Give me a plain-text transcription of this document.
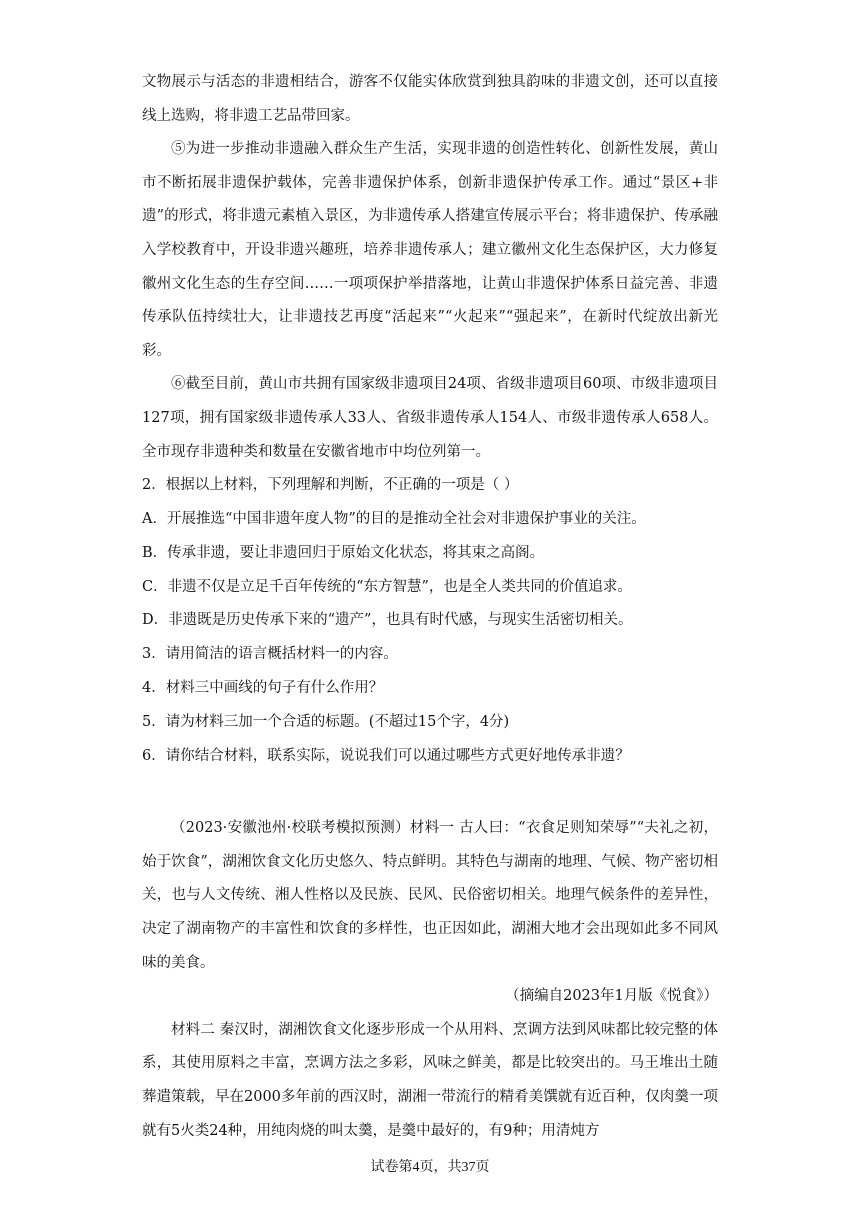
文物展示与活态的非遗相结合，游客不仅能实体欣赏到独具韵味的非遗文创，还可以直接线上选购，将非遗工艺品带回家。

⑤为进一步推动非遗融入群众生产生活，实现非遗的创造性转化、创新性发展，黄山市不断拓展非遗保护载体，完善非遗保护体系，创新非遗保护传承工作。通过“景区+非遗”的形式，将非遗元素植入景区，为非遗传承人搭建宣传展示平台；将非遗保护、传承融入学校教育中，开设非遗兴趣班，培养非遗传承人；建立徽州文化生态保护区，大力修复徽州文化生态的生存空间……一项项保护举措落地，让黄山非遗保护体系日益完善、非遗传承队伍持续壮大，让非遗技艺再度“活起来”“火起来”“强起来”，在新时代绽放出新光彩。

⑥截至目前，黄山市共拥有国家级非遗项目24项、省级非遗项目60项、市级非遗项目127项，拥有国家级非遗传承人33人、省级非遗传承人154人、市级非遗传承人658人。全市现存非遗种类和数量在安徽省地市中均位列第一。

2．根据以上材料，下列理解和判断，不正确的一项是（ ）

A．开展推选“中国非遗年度人物”的目的是推动全社会对非遗保护事业的关注。

B．传承非遗，要让非遗回归于原始文化状态，将其束之高阁。

C．非遗不仅是立足千百年传统的“东方智慧”，也是全人类共同的价值追求。

D．非遗既是历史传承下来的“遗产”，也具有时代感，与现实生活密切相关。

3．请用简洁的语言概括材料一的内容。

4．材料三中画线的句子有什么作用？

5．请为材料三加一个合适的标题。(不超过15个字，4分)

6．请你结合材料，联系实际，说说我们可以通过哪些方式更好地传承非遗？

（2023·安徽池州·校联考模拟预测）材料一 古人曰：“衣食足则知荣辱”“夫礼之初，始于饮食”，湖湘饮食文化历史悠久、特点鲜明。其特色与湖南的地理、气候、物产密切相关，也与人文传统、湘人性格以及民族、民风、民俗密切相关。地理气候条件的差异性，决定了湖南物产的丰富性和饮食的多样性，也正因如此，湖湘大地才会出现如此多不同风味的美食。

（摘编自2023年1月版《悦食》）

材料二 秦汉时，湖湘饮食文化逐步形成一个从用料、烹调方法到风味都比较完整的体系，其使用原料之丰富，烹调方法之多彩，风味之鲜美，都是比较突出的。马王堆出土随葬遣策载，早在2000多年前的西汉时，湖湘一带流行的精肴美馔就有近百种，仅肉羹一项就有5火类24种，用纯肉烧的叫太羹，是羹中最好的，有9种；用清炖方

试卷第4页，共37页
